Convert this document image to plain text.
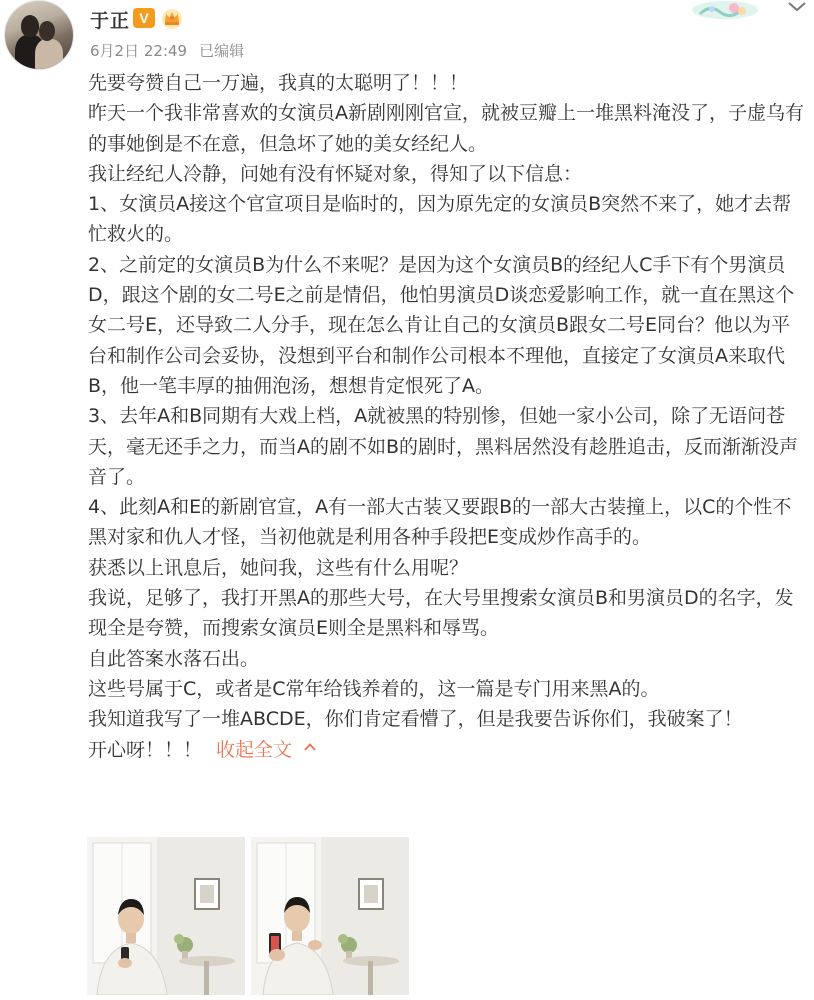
于正 V
6月2日 22:49 已编辑

先要夸赞自己一万遍，我真的太聪明了！！！

昨天一个我非常喜欢的女演员A新剧刚刚官宣，就被豆瓣上一堆黑料淹没了，子虚乌有的事她倒是不在意，但急坏了她的美女经纪人。

我让经纪人冷静，问她有没有怀疑对象，得知了以下信息：

1、女演员A接这个官宣项目是临时的，因为原先定的女演员B突然不来了，她才去帮忙救火的。

2、之前定的女演员B为什么不来呢？是因为这个女演员B的经纪人C手下有个男演员D，跟这个剧的女二号E之前是情侣，他怕男演员D谈恋爱影响工作，就一直在黑这个女二号E，还导致二人分手，现在怎么肯让自己的女演员B跟女二号E同台？他以为平台和制作公司会妥协，没想到平台和制作公司根本不理他，直接定了女演员A来取代B，他一笔丰厚的抽佣泡汤，想想肯定恨死了A。

3、去年A和B同期有大戏上档，A就被黑的特别惨，但她一家小公司，除了无语问苍天，毫无还手之力，而当A的剧不如B的剧时，黑料居然没有趁胜追击，反而渐渐没声音了。

4、此刻A和E的新剧官宣，A有一部大古装又要跟B的一部大古装撞上，以C的个性不黑对家和仇人才怪，当初他就是利用各种手段把E变成炒作高手的。

获悉以上讯息后，她问我，这些有什么用呢？

我说，足够了，我打开黑A的那些大号，在大号里搜索女演员B和男演员D的名字，发现全是夸赞，而搜索女演员E则全是黑料和辱骂。

自此答案水落石出。

这些号属于C，或者是C常年给钱养着的，这一篇是专门用来黑A的。

我知道我写了一堆ABCDE，你们肯定看懵了，但是我要告诉你们，我破案了！

开心呀！！！ 收起全文
